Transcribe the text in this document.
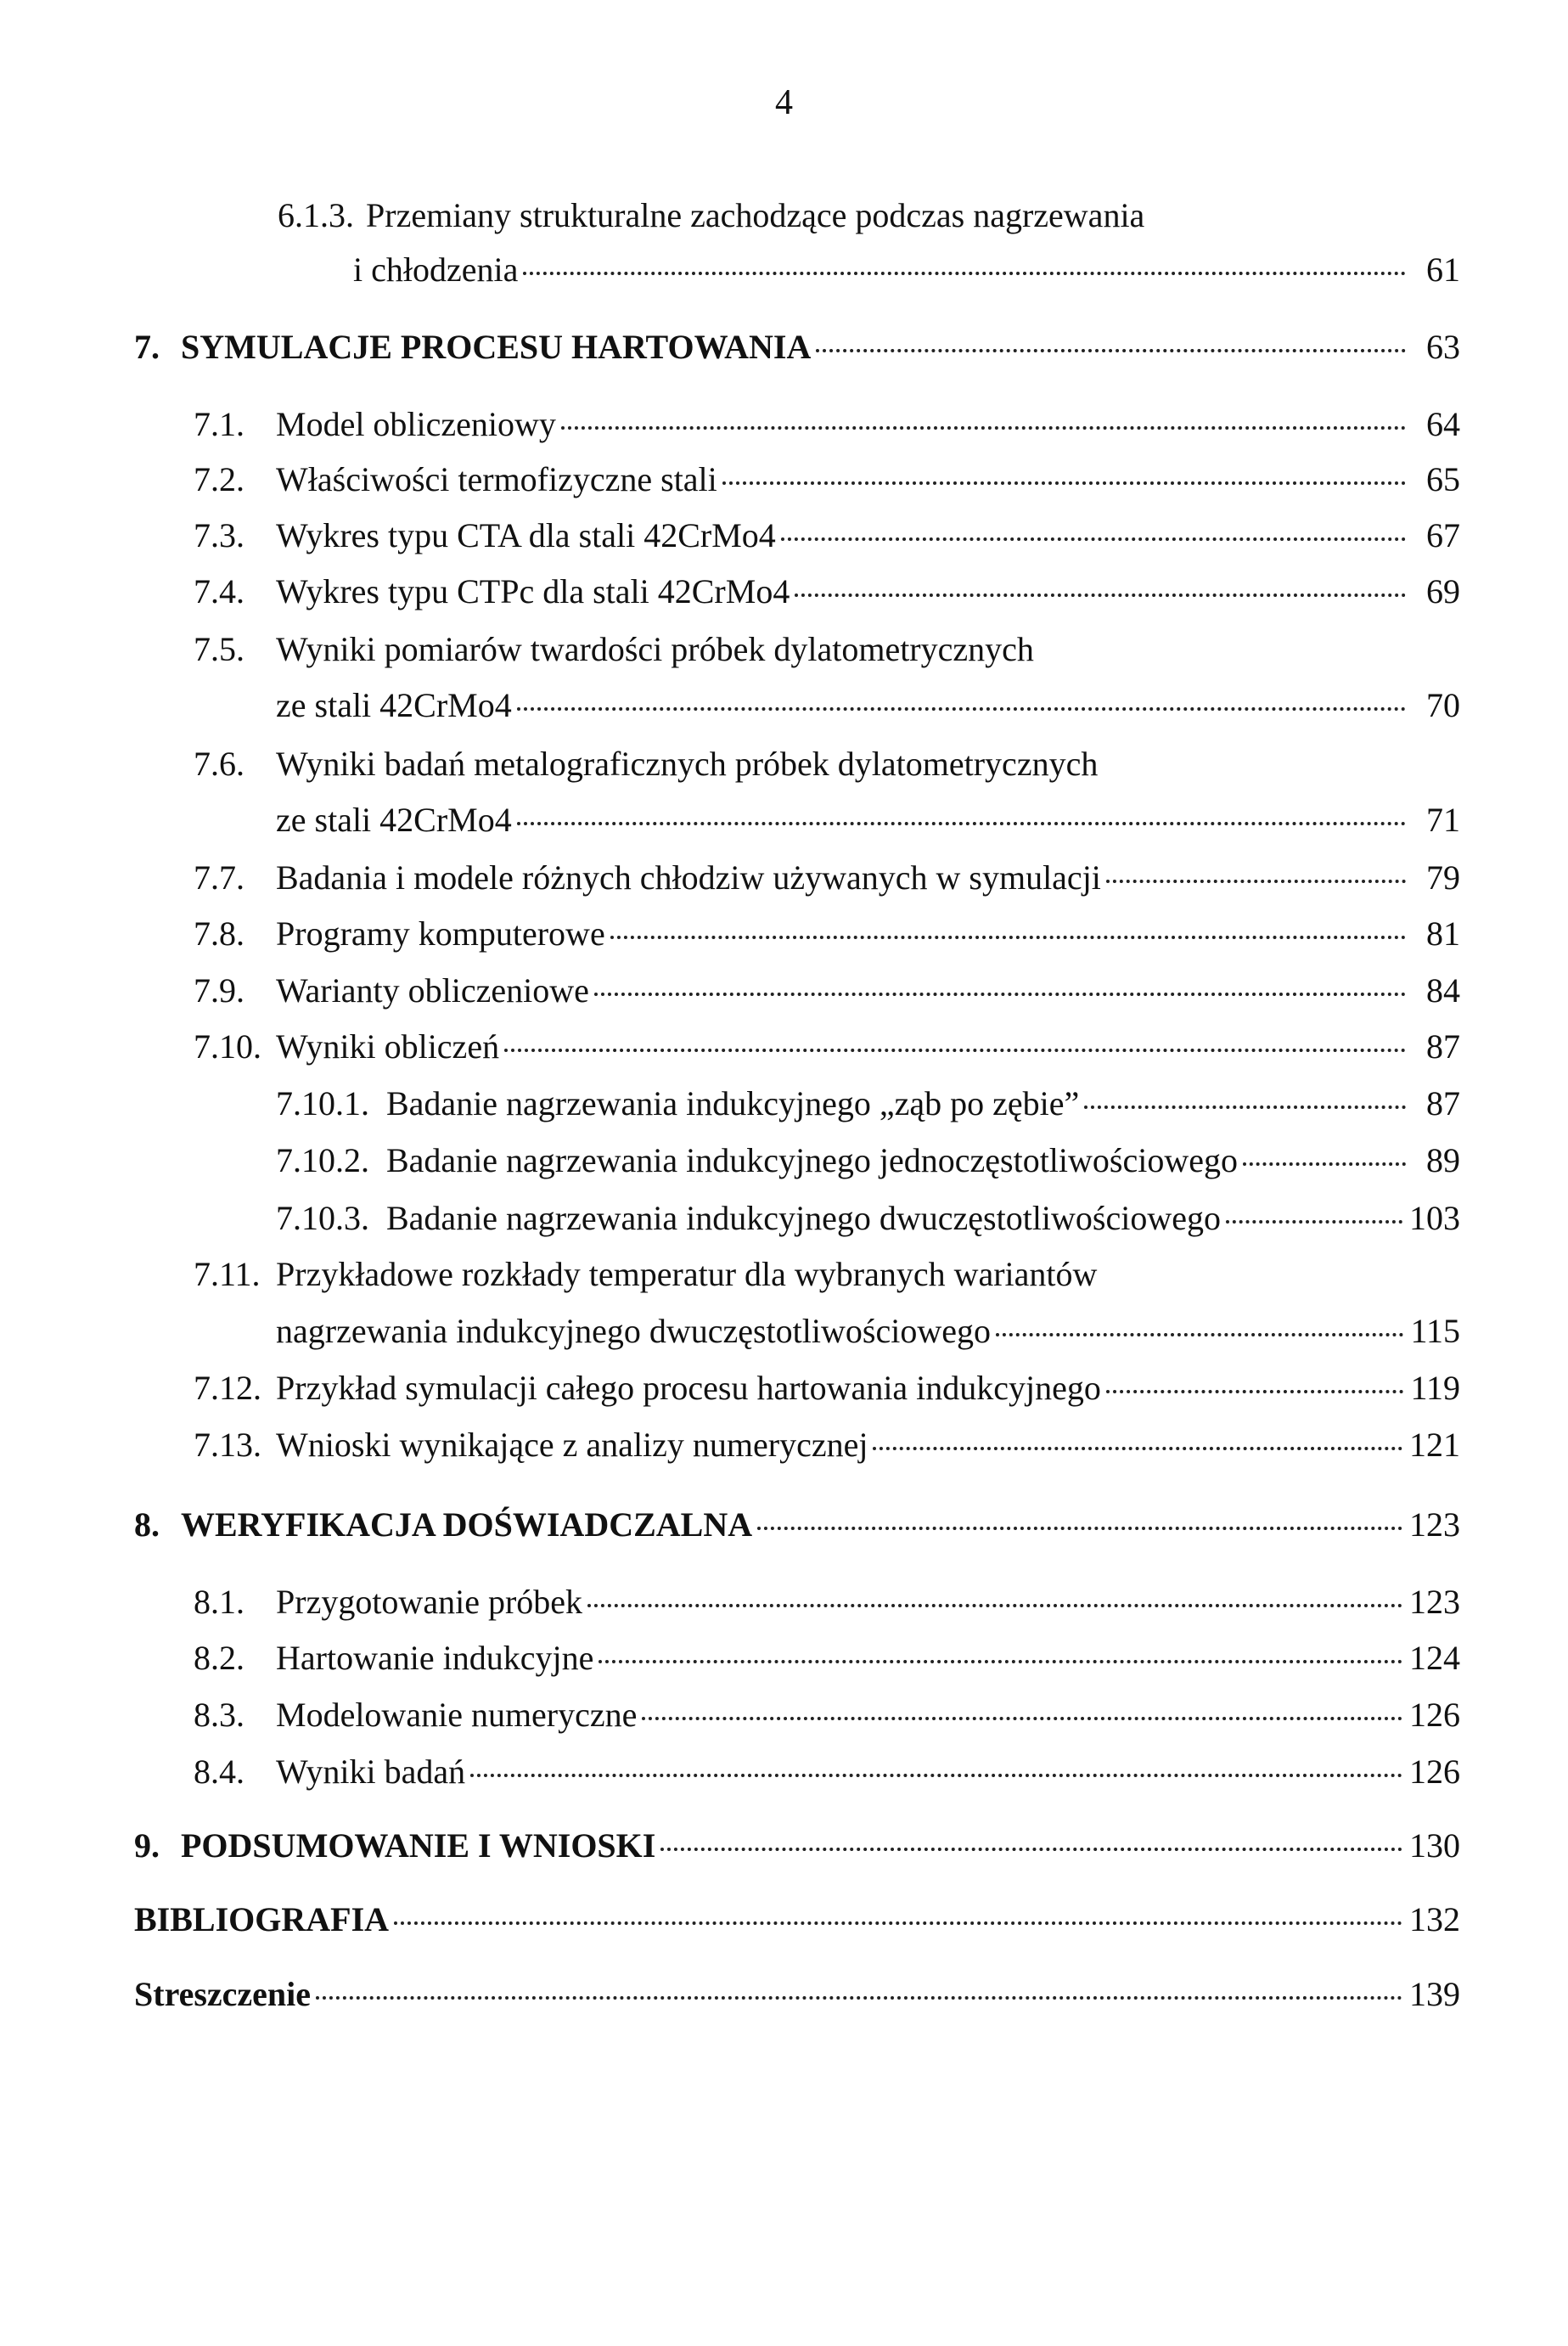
4
6.1.3. Przemiany strukturalne zachodzące podczas nagrzewania
i chłodzenia	61
7. SYMULACJE PROCESU HARTOWANIA	63
7.1. Model obliczeniowy	64
7.2. Właściwości termofizyczne stali	65
7.3. Wykres typu CTA dla stali 42CrMo4	67
7.4. Wykres typu CTPc dla stali 42CrMo4	69
7.5. Wyniki pomiarów twardości próbek dylatometrycznych
ze stali 42CrMo4	70
7.6. Wyniki badań metalograficznych próbek dylatometrycznych
ze stali 42CrMo4	71
7.7. Badania i modele różnych chłodziw używanych w symulacji	79
7.8. Programy komputerowe	81
7.9. Warianty obliczeniowe	84
7.10. Wyniki obliczeń	87
7.10.1. Badanie nagrzewania indukcyjnego „ząb po zębie”	87
7.10.2. Badanie nagrzewania indukcyjnego jednoczęstotliwościowego	89
7.10.3. Badanie nagrzewania indukcyjnego dwuczęstotliwościowego	103
7.11. Przykładowe rozkłady temperatur dla wybranych wariantów
nagrzewania indukcyjnego dwuczęstotliwościowego	115
7.12. Przykład symulacji całego procesu hartowania indukcyjnego	119
7.13. Wnioski wynikające z analizy numerycznej	121
8. WERYFIKACJA DOŚWIADCZALNA	123
8.1. Przygotowanie próbek	123
8.2. Hartowanie indukcyjne	124
8.3. Modelowanie numeryczne	126
8.4. Wyniki badań	126
9. PODSUMOWANIE I WNIOSKI	130
BIBLIOGRAFIA	132
Streszczenie	139
